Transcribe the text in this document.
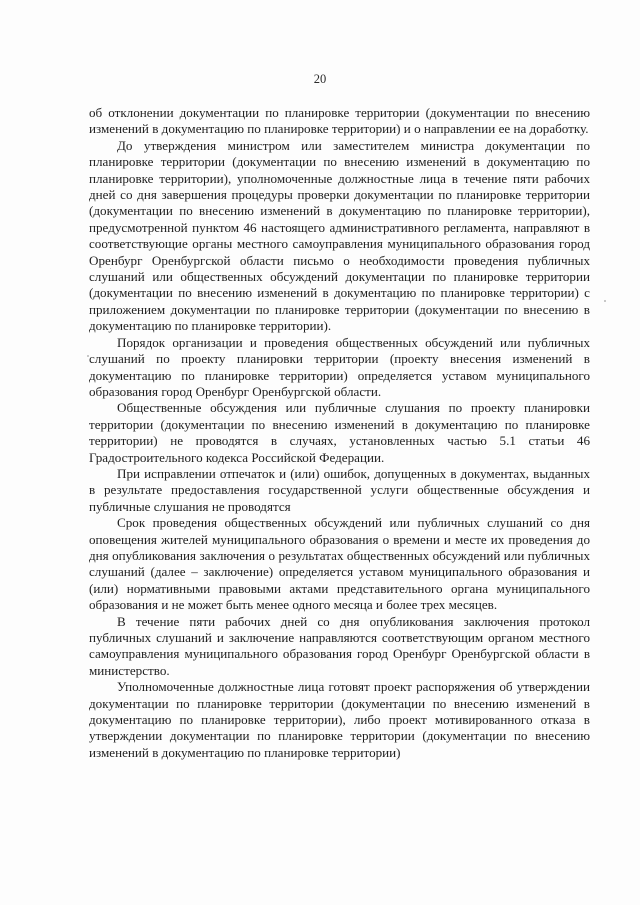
20

об отклонении документации по планировке территории (документации по внесению изменений в документацию по планировке территории) и о направлении ее на доработку.

До утверждения министром или заместителем министра документации по планировке территории (документации по внесению изменений в документацию по планировке территории), уполномоченные должностные лица в течение пяти рабочих дней со дня завершения процедуры проверки документации по планировке территории (документации по внесению изменений в документацию по планировке территории), предусмотренной пунктом 46 настоящего административного регламента, направляют в соответствующие органы местного самоуправления муниципального образования город Оренбург Оренбургской области письмо о необходимости проведения публичных слушаний или общественных обсуждений документации по планировке территории (документации по внесению изменений в документацию по планировке территории) с приложением документации по планировке территории (документации по внесению в документацию по планировке территории).

Порядок организации и проведения общественных обсуждений или публичных слушаний по проекту планировки территории (проекту внесения изменений в документацию по планировке территории) определяется уставом муниципального образования город Оренбург Оренбургской области.

Общественные обсуждения или публичные слушания по проекту планировки территории (документации по внесению изменений в документацию по планировке территории) не проводятся в случаях, установленных частью 5.1 статьи 46 Градостроительного кодекса Российской Федерации.

При исправлении отпечаток и (или) ошибок, допущенных в документах, выданных в результате предоставления государственной услуги общественные обсуждения и публичные слушания не проводятся

Срок проведения общественных обсуждений или публичных слушаний со дня оповещения жителей муниципального образования о времени и месте их проведения до дня опубликования заключения о результатах общественных обсуждений или публичных слушаний (далее – заключение) определяется уставом муниципального образования и (или) нормативными правовыми актами представительного органа муниципального образования и не может быть менее одного месяца и более трех месяцев.

В течение пяти рабочих дней со дня опубликования заключения протокол публичных слушаний и заключение направляются соответствующим органом местного самоуправления муниципального образования город Оренбург Оренбургской области в министерство.

Уполномоченные должностные лица готовят проект распоряжения об утверждении документации по планировке территории (документации по внесению изменений в документацию по планировке территории), либо проект мотивированного отказа в утверждении документации по планировке территории (документации по внесению изменений в документацию по планировке территории)
